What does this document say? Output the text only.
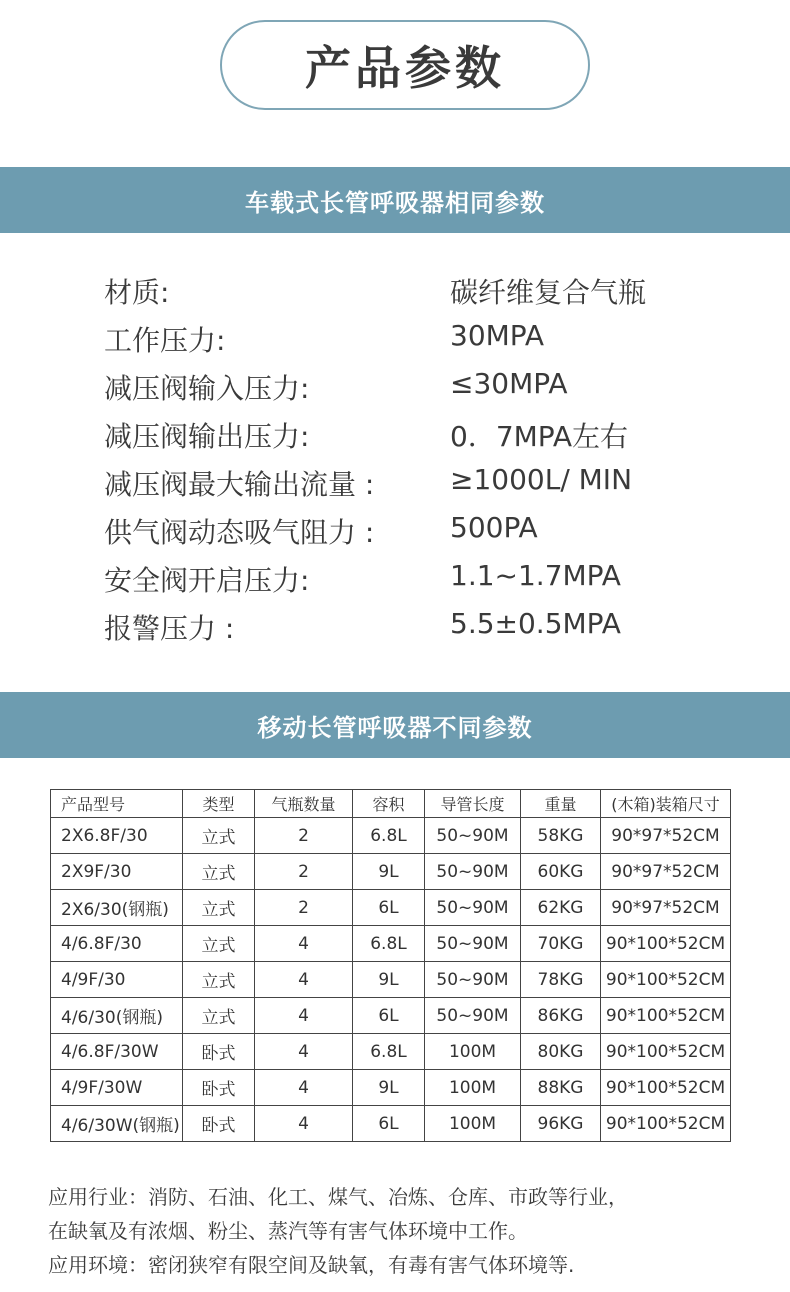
产品参数
车载式长管呼吸器相同参数
材质:	碳纤维复合气瓶
工作压力:	30MPA
减压阀输入压力:	≤30MPA
减压阀输出压力:	0．7MPA左右
减压阀最大输出流量 :	≥1000L/ MIN
供气阀动态吸气阻力 :	500PA
安全阀开启压力:	1.1~1.7MPA
报警压力 :	5.5±0.5MPA
移动长管呼吸器不同参数
产品型号	类型	气瓶数量	容积	导管长度	重量	(木箱)装箱尺寸
2X6.8F/30	立式	2	6.8L	50~90M	58KG	90*97*52CM
2X9F/30	立式	2	9L	50~90M	60KG	90*97*52CM
2X6/30(钢瓶)	立式	2	6L	50~90M	62KG	90*97*52CM
4/6.8F/30	立式	4	6.8L	50~90M	70KG	90*100*52CM
4/9F/30	立式	4	9L	50~90M	78KG	90*100*52CM
4/6/30(钢瓶)	立式	4	6L	50~90M	86KG	90*100*52CM
4/6.8F/30W	卧式	4	6.8L	100M	80KG	90*100*52CM
4/9F/30W	卧式	4	9L	100M	88KG	90*100*52CM
4/6/30W(钢瓶)	卧式	4	6L	100M	96KG	90*100*52CM
应用行业：消防、石油、化工、煤气、冶炼、仓库、市政等行业，
在缺氧及有浓烟、粉尘、蒸汽等有害气体环境中工作。
应用环境：密闭狭窄有限空间及缺氧，有毒有害气体环境等.
